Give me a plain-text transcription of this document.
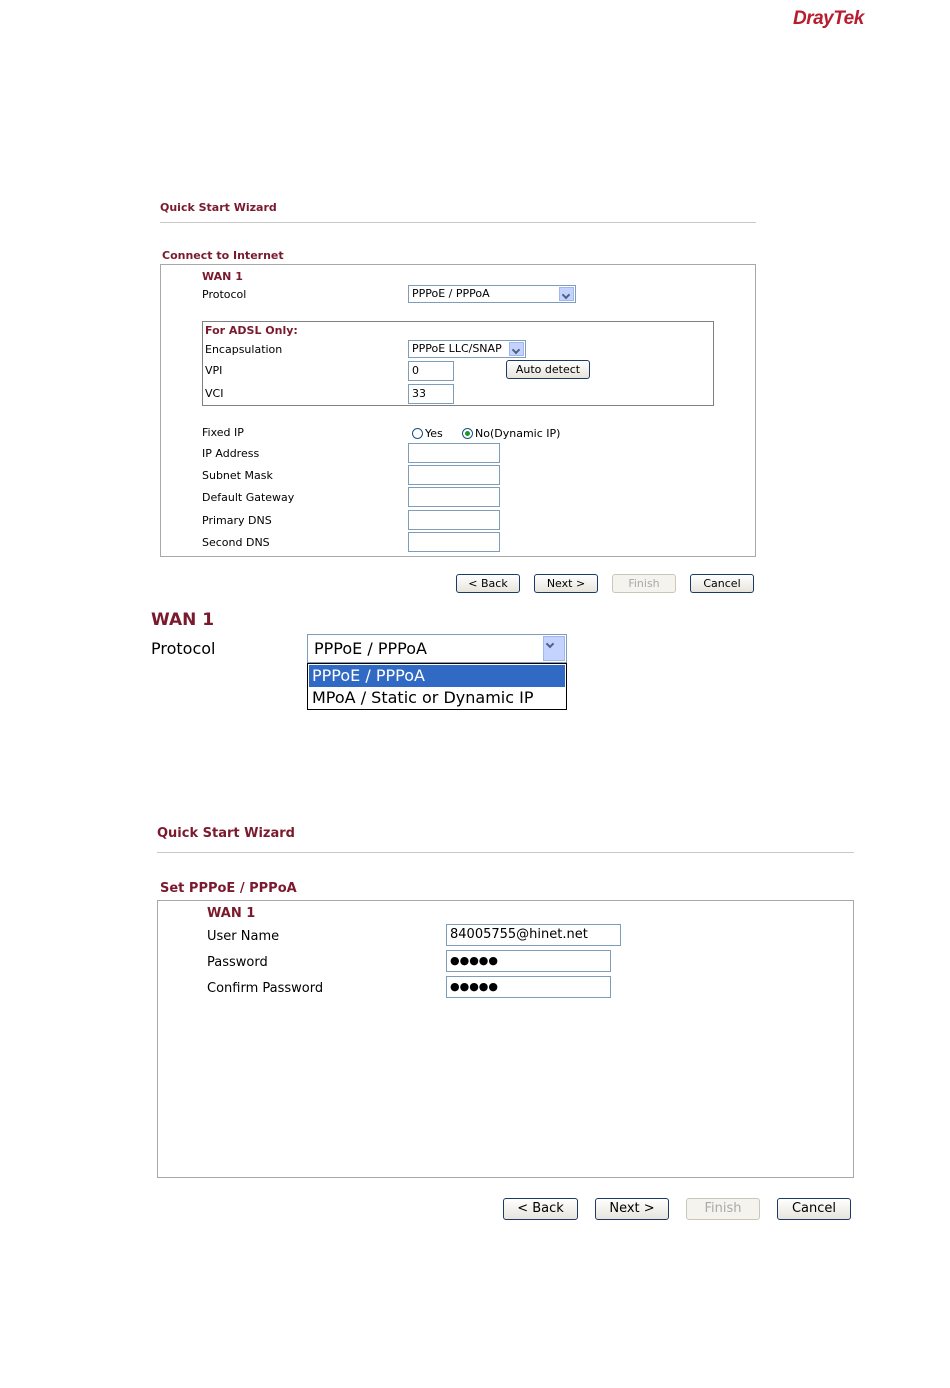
DrayTek
Quick Start Wizard
Connect to Internet
WAN 1
Protocol	PPPoE / PPPoA
For ADSL Only:
Encapsulation	PPPoE LLC/SNAP
VPI	0	Auto detect
VCI	33
Fixed IP	Yes	No(Dynamic IP)
IP Address
Subnet Mask
Default Gateway
Primary DNS
Second DNS
< Back	Next >	Finish	Cancel
WAN 1
Protocol	PPPoE / PPPoA
PPPoE / PPPoA
MPoA / Static or Dynamic IP
Quick Start Wizard
Set PPPoE / PPPoA
WAN 1
User Name	84005755@hinet.net
Password	●●●●●
Confirm Password	●●●●●
< Back	Next >	Finish	Cancel
